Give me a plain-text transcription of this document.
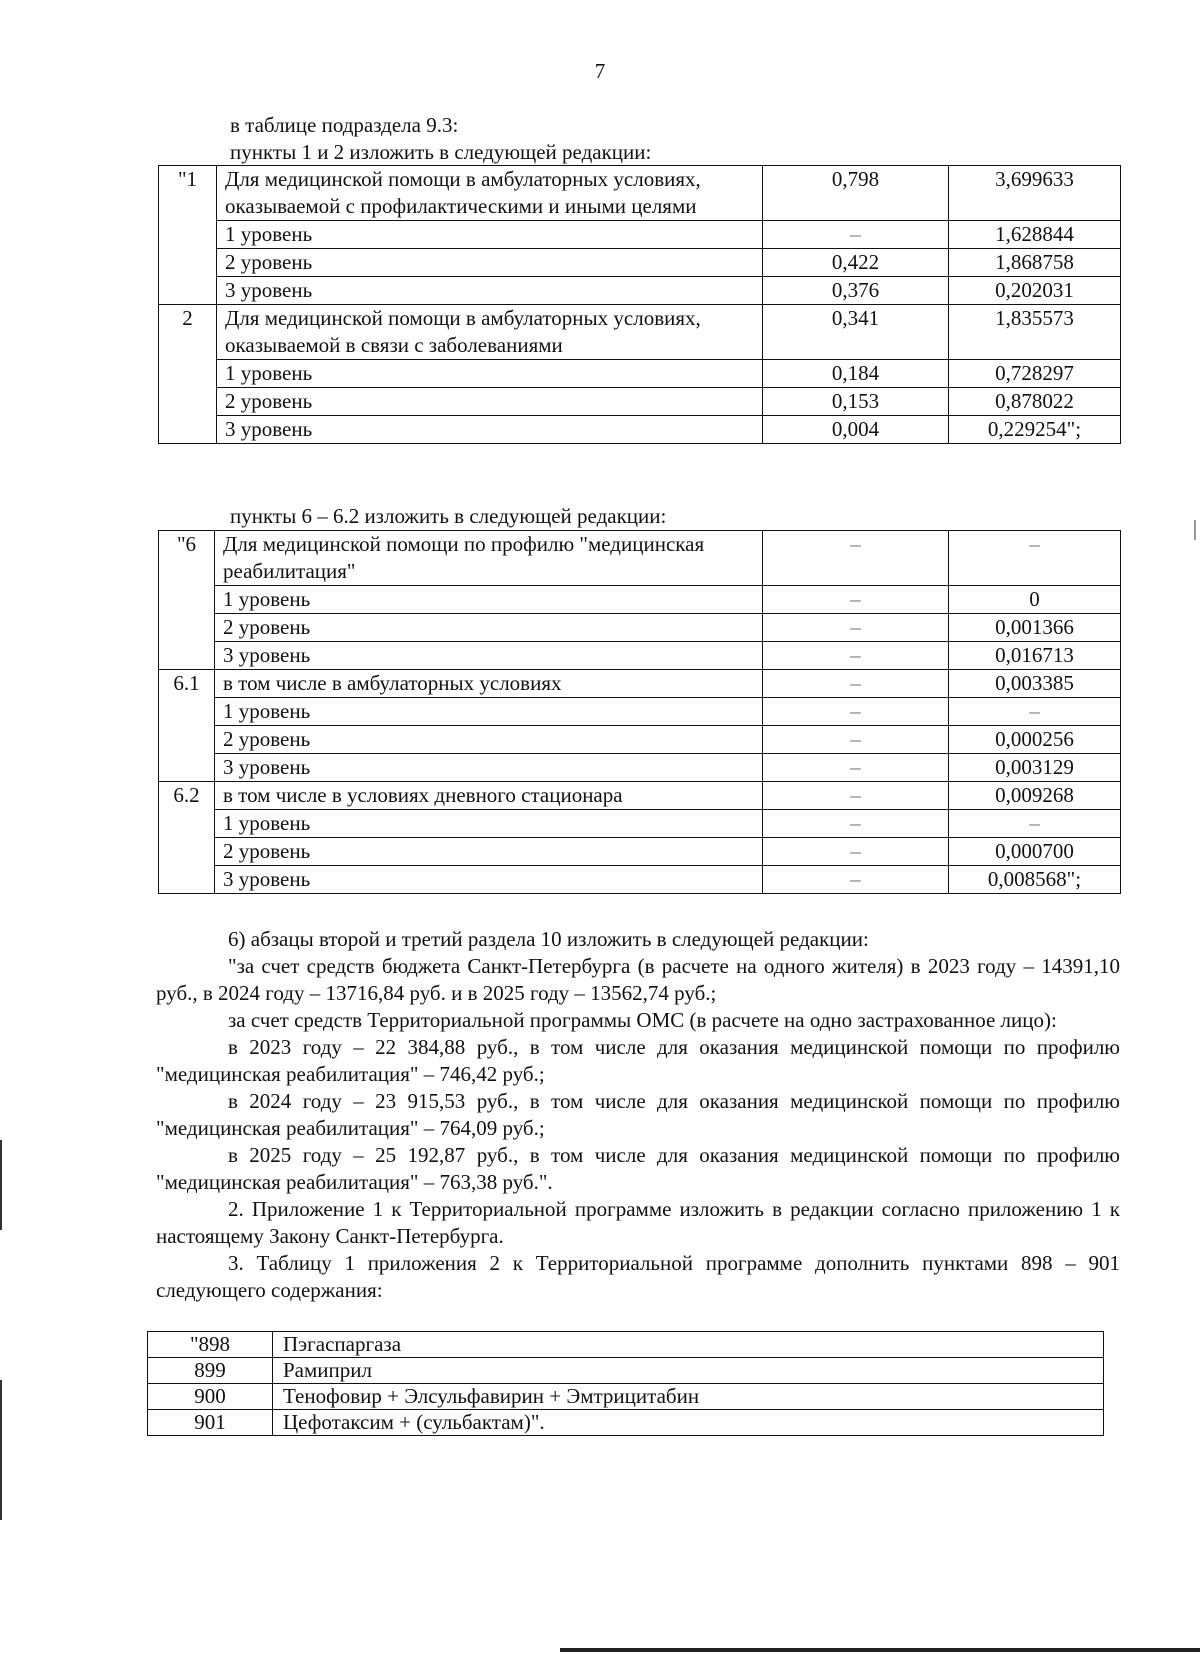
7
в таблице подраздела 9.3:
пункты 1 и 2 изложить в следующей редакции:
"1	Для медицинской помощи в амбулаторных условиях, оказываемой с профилактическими и иными целями	0,798	3,699633
	1 уровень	–	1,628844
	2 уровень	0,422	1,868758
	3 уровень	0,376	0,202031
2	Для медицинской помощи в амбулаторных условиях, оказываемой в связи с заболеваниями	0,341	1,835573
	1 уровень	0,184	0,728297
	2 уровень	0,153	0,878022
	3 уровень	0,004	0,229254";
пункты 6 – 6.2 изложить в следующей редакции:
"6	Для медицинской помощи по профилю "медицинская реабилитация"	–	–
	1 уровень	–	0
	2 уровень	–	0,001366
	3 уровень	–	0,016713
6.1	в том числе в амбулаторных условиях	–	0,003385
	1 уровень	–	–
	2 уровень	–	0,000256
	3 уровень	–	0,003129
6.2	в том числе в условиях дневного стационара	–	0,009268
	1 уровень	–	–
	2 уровень	–	0,000700
	3 уровень	–	0,008568";

6) абзацы второй и третий раздела 10 изложить в следующей редакции:

"за счет средств бюджета Санкт-Петербурга (в расчете на одного жителя) в 2023 году – 14391,10 руб., в 2024 году – 13716,84 руб. и в 2025 году – 13562,74 руб.;

за счет средств Территориальной программы ОМС (в расчете на одно застрахованное лицо):

в 2023 году – 22 384,88 руб., в том числе для оказания медицинской помощи по профилю "медицинская реабилитация" – 746,42 руб.;

в 2024 году – 23 915,53 руб., в том числе для оказания медицинской помощи по профилю "медицинская реабилитация" – 764,09 руб.;

в 2025 году – 25 192,87 руб., в том числе для оказания медицинской помощи по профилю "медицинская реабилитация" – 763,38 руб.".

2. Приложение 1 к Территориальной программе изложить в редакции согласно приложению 1 к настоящему Закону Санкт-Петербурга.

3. Таблицу 1 приложения 2 к Территориальной программе дополнить пунктами 898 – 901 следующего содержания:

"898	Пэгаспаргаза
899	Рамиприл
900	Тенофовир + Элсульфавирин + Эмтрицитабин
901	Цефотаксим + (сульбактам)".
